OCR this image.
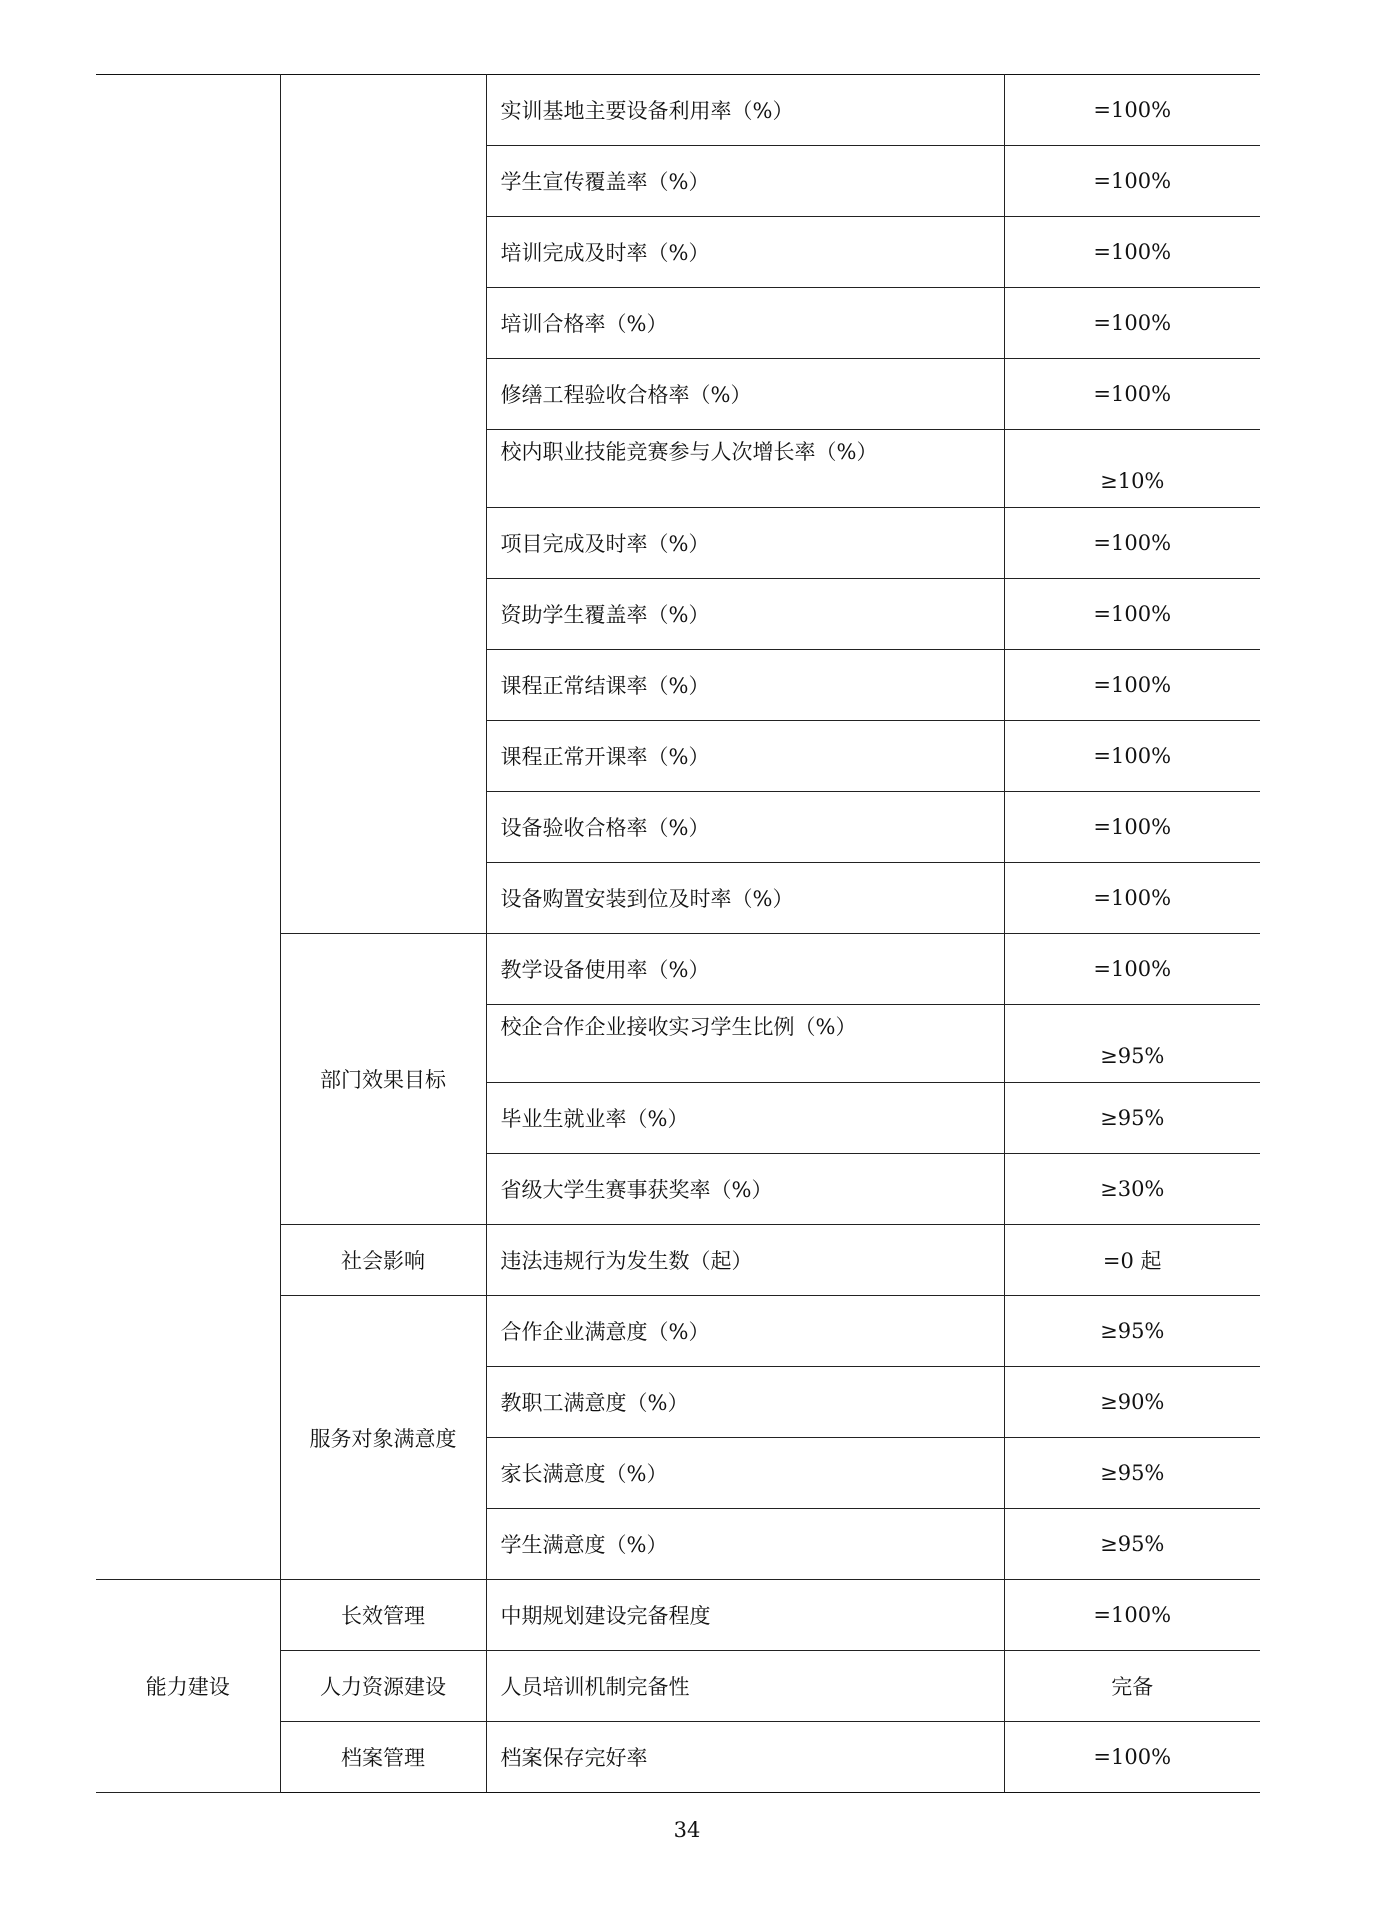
		实训基地主要设备利用率（%）	=100%
		学生宣传覆盖率（%）	=100%
		培训完成及时率（%）	=100%
		培训合格率（%）	=100%
		修缮工程验收合格率（%）	=100%
		校内职业技能竞赛参与人次增长率（%）	≥10%
		项目完成及时率（%）	=100%
		资助学生覆盖率（%）	=100%
		课程正常结课率（%）	=100%
		课程正常开课率（%）	=100%
		设备验收合格率（%）	=100%
		设备购置安装到位及时率（%）	=100%
	部门效果目标	教学设备使用率（%）	=100%
		校企合作企业接收实习学生比例（%）	≥95%
		毕业生就业率（%）	≥95%
		省级大学生赛事获奖率（%）	≥30%
	社会影响	违法违规行为发生数（起）	=0 起
	服务对象满意度	合作企业满意度（%）	≥95%
		教职工满意度（%）	≥90%
		家长满意度（%）	≥95%
		学生满意度（%）	≥95%
能力建设	长效管理	中期规划建设完备程度	=100%
	人力资源建设	人员培训机制完备性	完备
	档案管理	档案保存完好率	=100%
34
